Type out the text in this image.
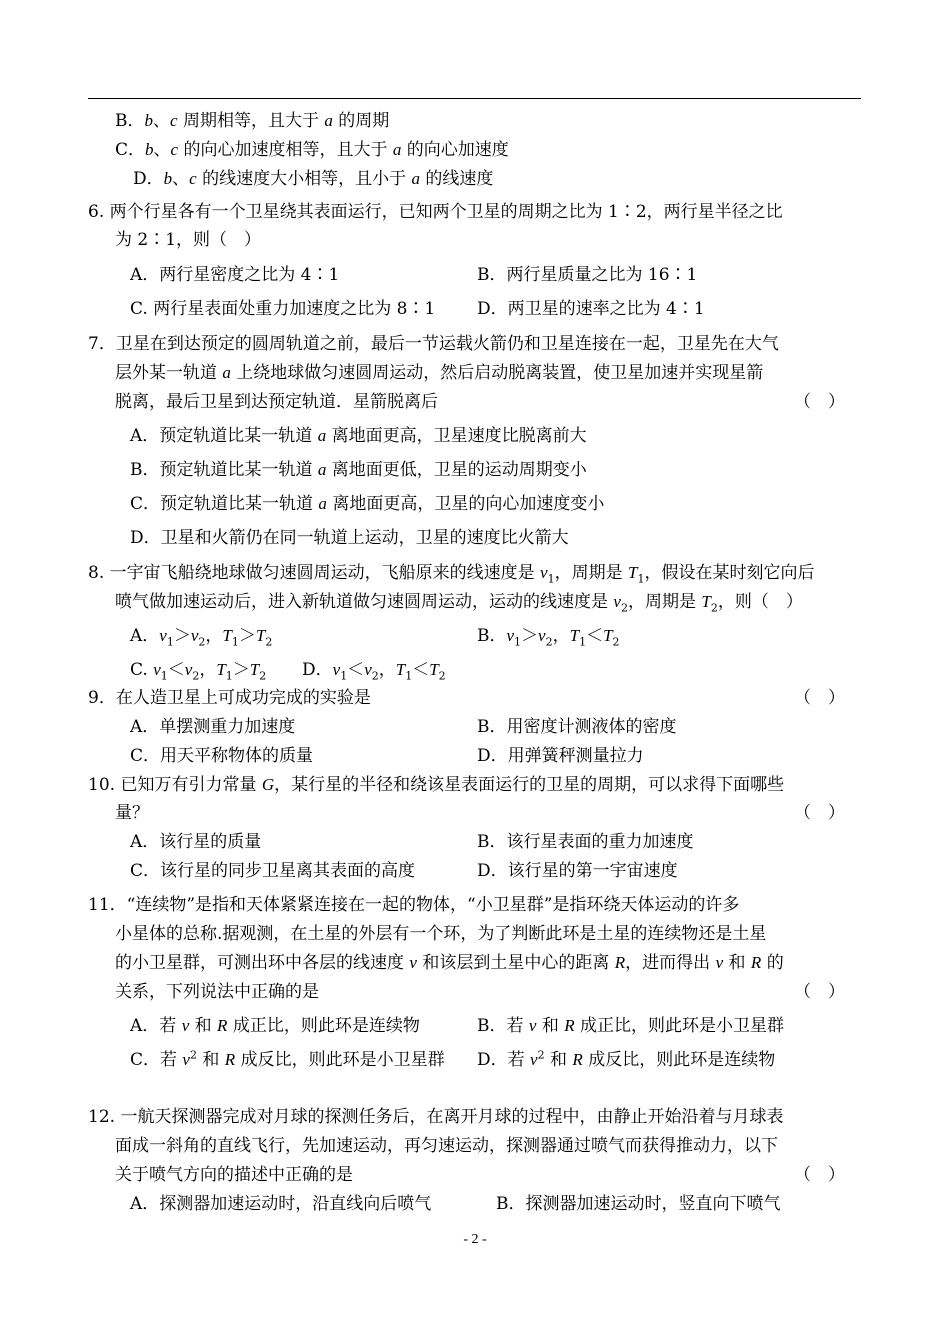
B．b、c 周期相等，且大于 a 的周期
C．b、c 的向心加速度相等，且大于 a 的向心加速度
D．b、c 的线速度大小相等，且小于 a 的线速度
6. 两个行星各有一个卫星绕其表面运行，已知两个卫星的周期之比为 1∶2，两行星半径之比
为 2∶1，则（　）
A．两行星密度之比为 4∶1	B．两行星质量之比为 16∶1
C. 两行星表面处重力加速度之比为 8∶1 D．两卫星的速率之比为 4∶1
7．卫星在到达预定的圆周轨道之前，最后一节运载火箭仍和卫星连接在一起，卫星先在大气
层外某一轨道 a 上绕地球做匀速圆周运动，然后启动脱离装置，使卫星加速并实现星箭
脱离，最后卫星到达预定轨道．星箭脱离后	（　）
A．预定轨道比某一轨道 a 离地面更高，卫星速度比脱离前大
B．预定轨道比某一轨道 a 离地面更低，卫星的运动周期变小
C．预定轨道比某一轨道 a 离地面更高，卫星的向心加速度变小
D．卫星和火箭仍在同一轨道上运动，卫星的速度比火箭大
8. 一宇宙飞船绕地球做匀速圆周运动，飞船原来的线速度是 $v_1$，周期是 $T_1$，假设在某时刻它向后
喷气做加速运动后，进入新轨道做匀速圆周运动，运动的线速度是 $v_2$，周期是 $T_2$，则（　）
A．$v_1>v_2$，$T_1>T_2$	B．$v_1>v_2$，$T_1<T_2$
C. $v_1<v_2$，$T_1>T_2$ D．$v_1<v_2$，$T_1<T_2$
9．在人造卫星上可成功完成的实验是	（　）
A．单摆测重力加速度	B．用密度计测液体的密度
C．用天平称物体的质量	D．用弹簧秤测量拉力
10. 已知万有引力常量 G，某行星的半径和绕该星表面运行的卫星的周期，可以求得下面哪些
量？	（　）
A．该行星的质量	B．该行星表面的重力加速度
C．该行星的同步卫星离其表面的高度	D．该行星的第一宇宙速度
11．“连续物”是指和天体紧紧连接在一起的物体，“小卫星群”是指环绕天体运动的许多
小星体的总称.据观测，在土星的外层有一个环，为了判断此环是土星的连续物还是土星
的小卫星群，可测出环中各层的线速度 v 和该层到土星中心的距离 R，进而得出 v 和 R 的
关系，下列说法中正确的是	（　）
A．若 v 和 R 成正比，则此环是连续物	B．若 v 和 R 成正比，则此环是小卫星群
C．若 $v^2$ 和 R 成反比，则此环是小卫星群 D．若 $v^2$ 和 R 成反比，则此环是连续物
12. 一航天探测器完成对月球的探测任务后，在离开月球的过程中，由静止开始沿着与月球表
面成一斜角的直线飞行，先加速运动，再匀速运动，探测器通过喷气而获得推动力，以下
关于喷气方向的描述中正确的是	（　）
A．探测器加速运动时，沿直线向后喷气	B．探测器加速运动时，竖直向下喷气
- 2 -
